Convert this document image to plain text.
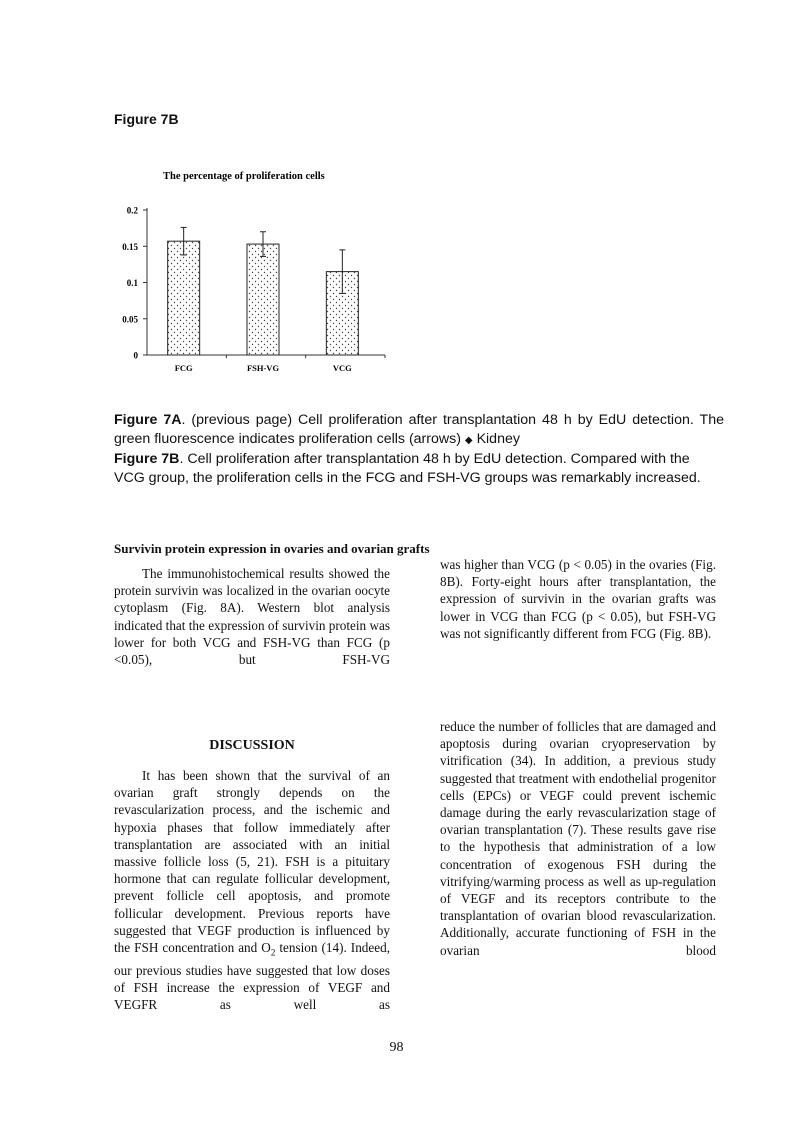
Figure 7B
The percentage of proliferation cells
0
0.05
0.1
0.15
0.2
FCG	FSH-VG	VCG

Figure 7A. (previous page) Cell proliferation after transplantation 48 h by EdU detection. The green fluorescence indicates proliferation cells (arrows) ◆ Kidney

Figure 7B. Cell proliferation after transplantation 48 h by EdU detection. Compared with the VCG group, the proliferation cells in the FCG and FSH-VG groups was remarkably increased.

Survivin protein expression in ovaries and ovarian grafts

The immunohistochemical results showed the protein survivin was localized in the ovarian oocyte cytoplasm (Fig. 8A). Western blot analysis indicated that the expression of survivin protein was lower for both VCG and FSH-VG than FCG (p <0.05), but FSH-VG

was higher than VCG (p < 0.05) in the ovaries (Fig. 8B). Forty-eight hours after transplantation, the expression of survivin in the ovarian grafts was lower in VCG than FCG (p < 0.05), but FSH-VG was not significantly different from FCG (Fig. 8B).

DISCUSSION

It has been shown that the survival of an ovarian graft strongly depends on the revascularization process, and the ischemic and hypoxia phases that follow immediately after transplantation are associated with an initial massive follicle loss (5, 21). FSH is a pituitary hormone that can regulate follicular development, prevent follicle cell apoptosis, and promote follicular development. Previous reports have suggested that VEGF production is influenced by the FSH concentration and $O_2$ tension (14). Indeed, our previous studies have suggested that low doses of FSH increase the expression of VEGF and VEGFR as well as

reduce the number of follicles that are damaged and apoptosis during ovarian cryopreservation by vitrification (34). In addition, a previous study suggested that treatment with endothelial progenitor cells (EPCs) or VEGF could prevent ischemic damage during the early revascularization stage of ovarian transplantation (7). These results gave rise to the hypothesis that administration of a low concentration of exogenous FSH during the vitrifying/warming process as well as up-regulation of VEGF and its receptors contribute to the transplantation of ovarian blood revascularization. Additionally, accurate functioning of FSH in the ovarian blood

98
